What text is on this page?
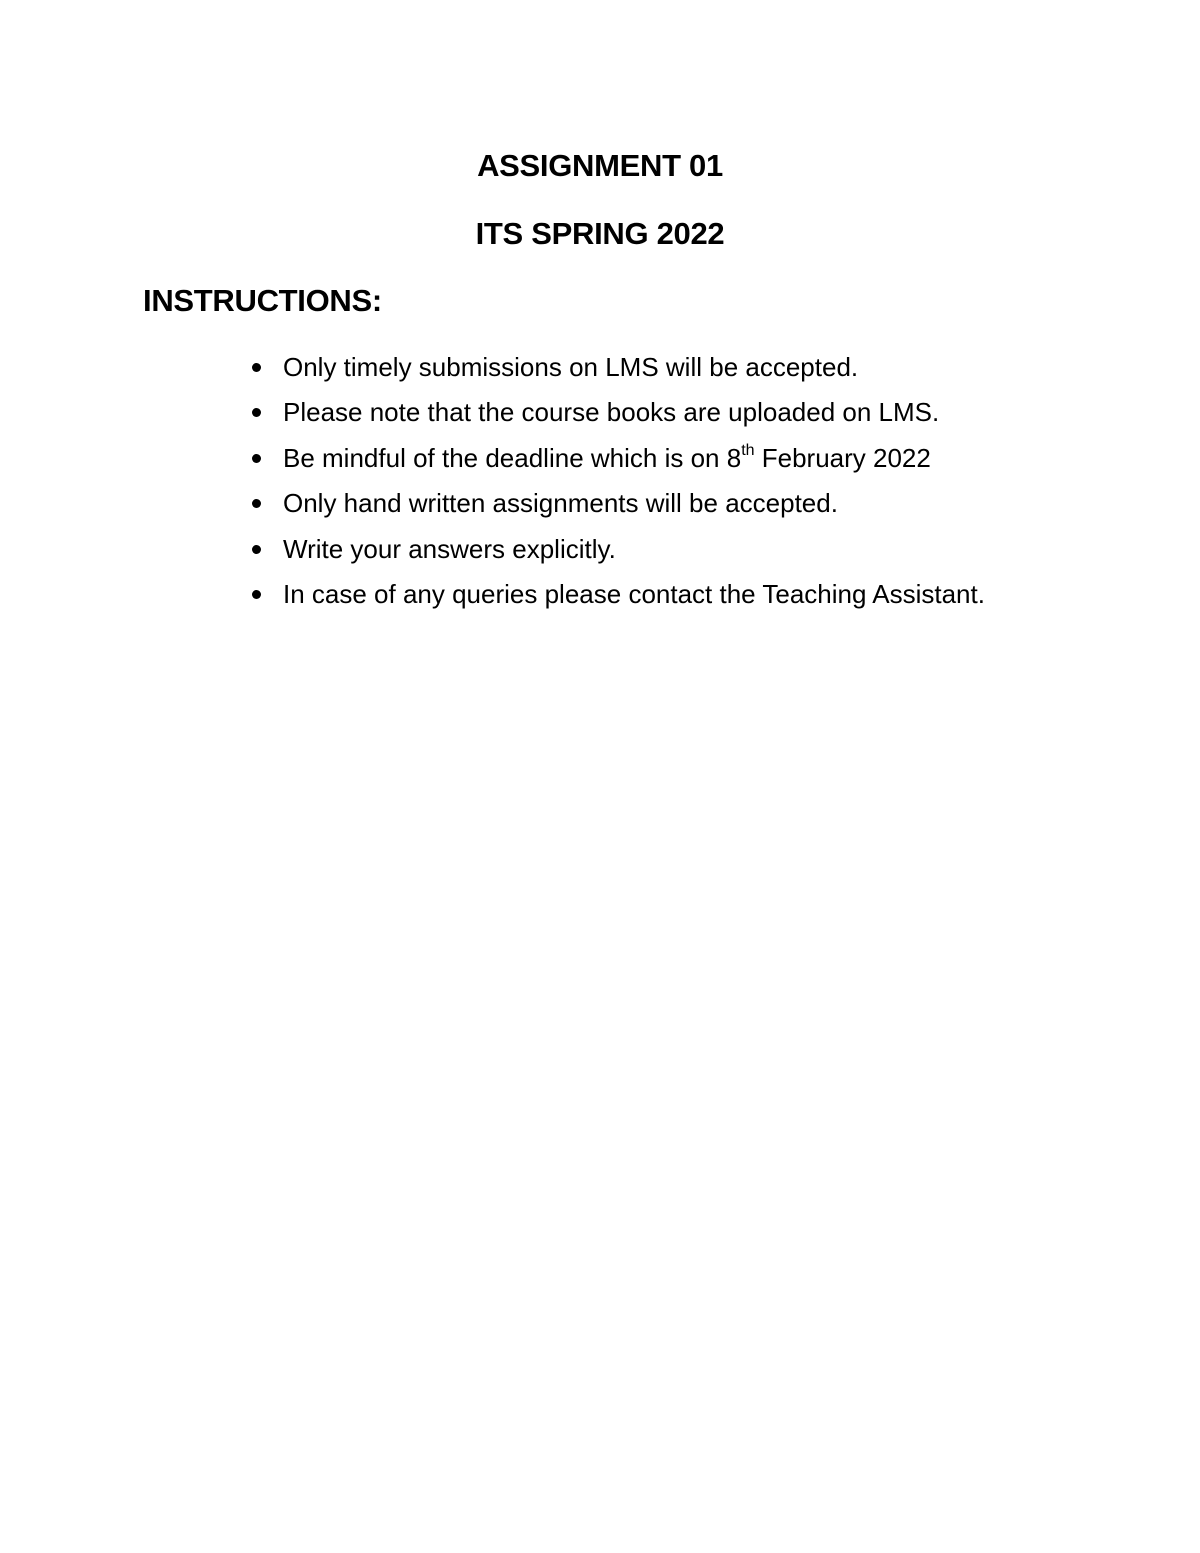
ASSIGNMENT 01
ITS SPRING 2022
INSTRUCTIONS:
Only timely submissions on LMS will be accepted.
Please note that the course books are uploaded on LMS.
Be mindful of the deadline which is on 8th February 2022
Only hand written assignments will be accepted.
Write your answers explicitly.
In case of any queries please contact the Teaching Assistant.
